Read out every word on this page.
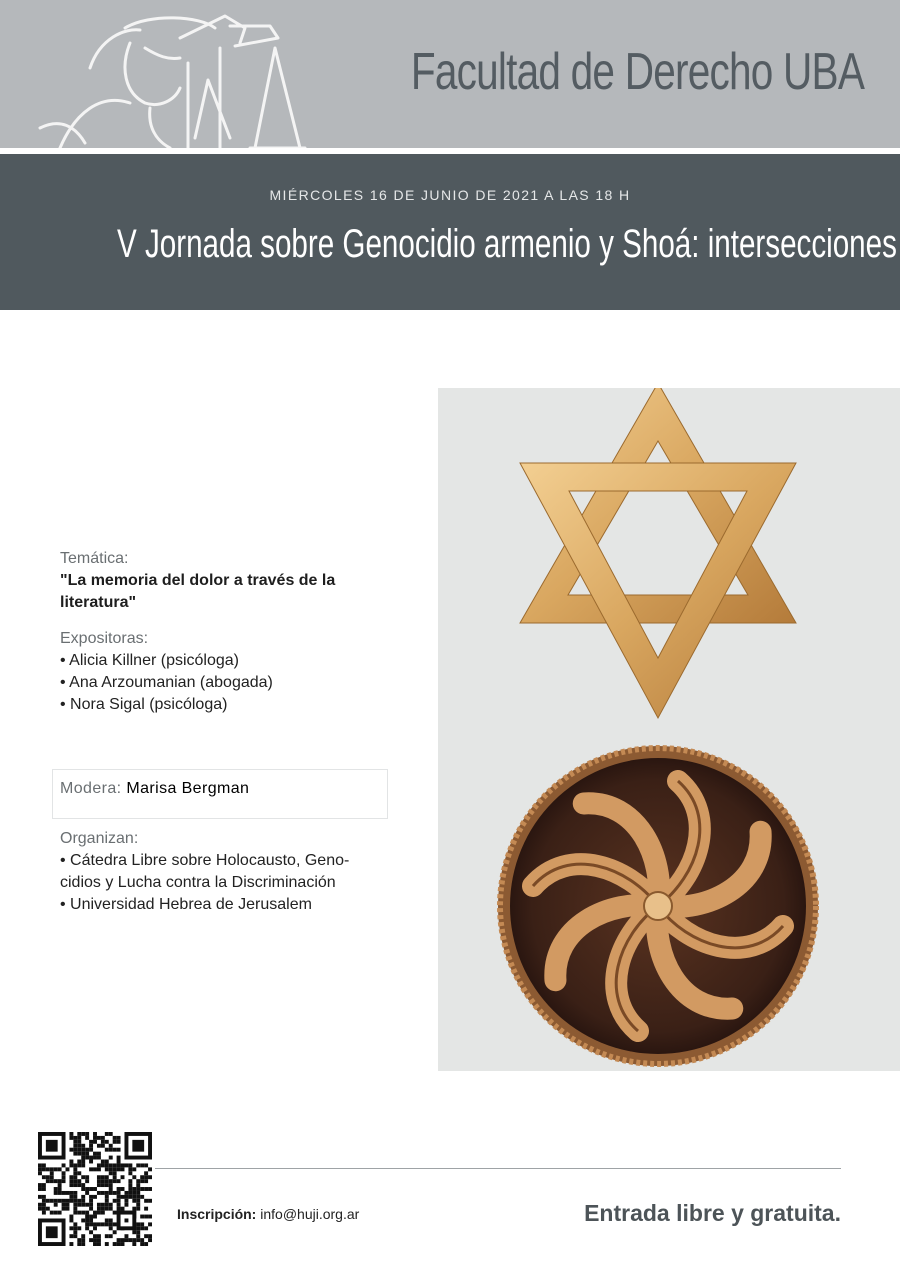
Facultad de Derecho UBA
MIÉRCOLES 16 DE JUNIO DE 2021 A LAS 18 H
V Jornada sobre Genocidio armenio y Shoá: intersecciones
Temática:
"La memoria del dolor a través de la literatura"
Expositoras:
• Alicia Killner (psicóloga)
• Ana Arzoumanian (abogada)
• Nora Sigal (psicóloga)
Modera: Marisa Bergman
Organizan:
• Cátedra Libre sobre Holocausto, Geno-
cidios y Lucha contra la Discriminación
• Universidad Hebrea de Jerusalem
Inscripción: info@huji.org.ar	Entrada libre y gratuita.
